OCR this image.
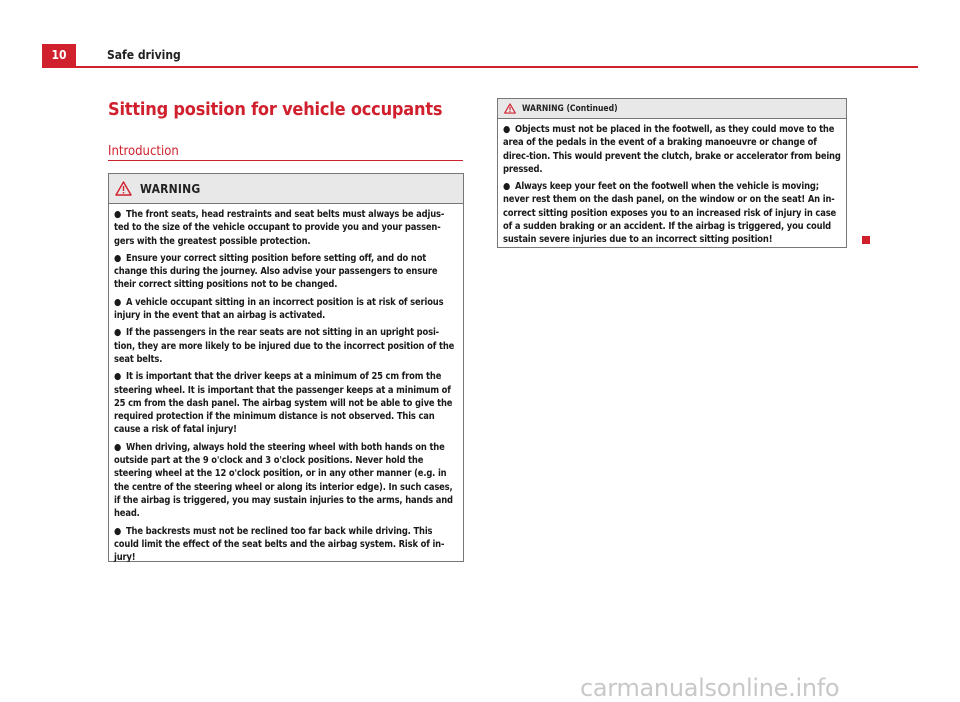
10	Safe driving
Sitting position for vehicle occupants
Introduction
WARNING

● The front seats, head restraints and seat belts must always be adjus-ted to the size of the vehicle occupant to provide you and your passen-gers with the greatest possible protection.

● Ensure your correct sitting position before setting off, and do not change this during the journey. Also advise your passengers to ensure their correct sitting positions not to be changed.

● A vehicle occupant sitting in an incorrect position is at risk of serious injury in the event that an airbag is activated.

● If the passengers in the rear seats are not sitting in an upright posi-tion, they are more likely to be injured due to the incorrect position of the seat belts.

● It is important that the driver keeps at a minimum of 25 cm from the steering wheel. It is important that the passenger keeps at a minimum of 25 cm from the dash panel. The airbag system will not be able to give the required protection if the minimum distance is not observed. This can cause a risk of fatal injury!

● When driving, always hold the steering wheel with both hands on the outside part at the 9 o'clock and 3 o'clock positions. Never hold the steering wheel at the 12 o'clock position, or in any other manner (e.g. in the centre of the steering wheel or along its interior edge). In such cases, if the airbag is triggered, you may sustain injuries to the arms, hands and head.

● The backrests must not be reclined too far back while driving. This could limit the effect of the seat belts and the airbag system. Risk of in-jury!

WARNING (Continued)

● Objects must not be placed in the footwell, as they could move to the area of the pedals in the event of a braking manoeuvre or change of direc-tion. This would prevent the clutch, brake or accelerator from being pressed.

● Always keep your feet on the footwell when the vehicle is moving; never rest them on the dash panel, on the window or on the seat! An in-correct sitting position exposes you to an increased risk of injury in case of a sudden braking or an accident. If the airbag is triggered, you could sustain severe injuries due to an incorrect sitting position!

carmanualsonline.info
